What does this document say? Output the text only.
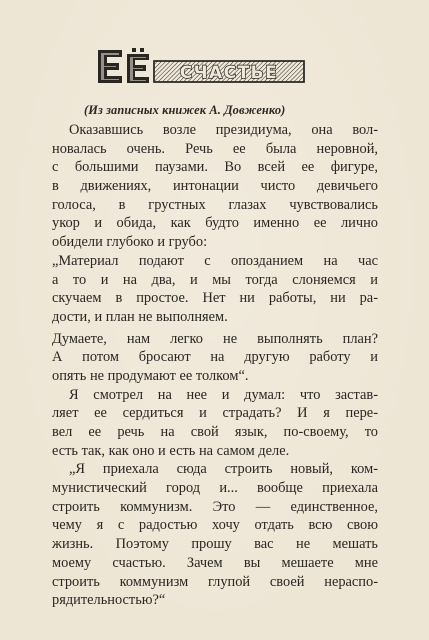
СЧАСТЬЕ
(Из записных книжек А. Довженко)
Оказавшись возле президиума, она вол-
новалась очень. Речь ее была неровной,
с большими паузами. Во всей ее фигуре,
в движениях, интонации чисто девичьего
голоса, в грустных глазах чувствовались
укор и обида, как будто именно ее лично
обидели глубоко и грубо:
„Материал подают с опозданием на час
а то и на два, и мы тогда слоняемся и
скучаем в простое. Нет ни работы, ни ра-
дости, и план не выполняем.
Думаете, нам легко не выполнять план?
А потом бросают на другую работу и
опять не продумают ее толком“.
Я смотрел на нее и думал: что застав-
ляет ее сердиться и страдать? И я пере-
вел ее речь на свой язык, по-своему, то
есть так, как оно и есть на самом деле.
„Я приехала сюда строить новый, ком-
мунистический город и... вообще приехала
строить коммунизм. Это — единственное,
чему я с радостью хочу отдать всю свою
жизнь. Поэтому прошу вас не мешать
моему счастью. Зачем вы мешаете мне
строить коммунизм глупой своей нераспо-
рядительностью?“
